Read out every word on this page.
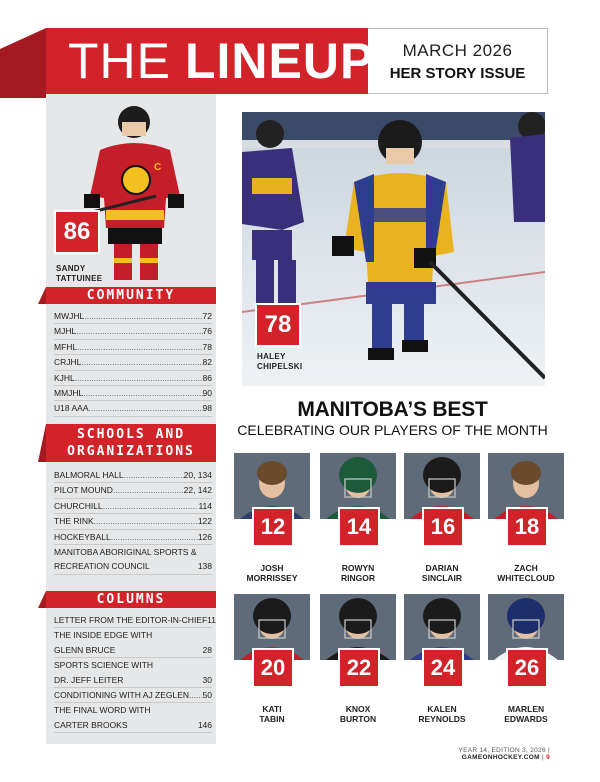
THE LINEUP	MARCH 2026
HER STORY ISSUE
C
86
SANDY
TATTUINEE
COMMUNITY
MWJHL .....	72
MJHL .....	76
MFHL .....	78
CRJHL .....	82
KJHL .....	86
MMJHL .....	90
U18 AAA .....	98
SCHOOLS AND
ORGANIZATIONS
BALMORAL HALL .....	20, 134
PILOT MOUND .....	22, 142
CHURCHILL .....	114
THE RINK .....	122
HOCKEYBALL .....	126
MANITOBA ABORIGINAL SPORTS &
RECREATION COUNCIL	138
COLUMNS
LETTER FROM THE EDITOR-IN-CHIEF 11
THE INSIDE EDGE WITH
GLENN BRUCE	28
SPORTS SCIENCE WITH
DR. JEFF LEITER	30
CONDITIONING WITH AJ ZEGLEN ..... 50
THE FINAL WORD WITH
CARTER BROOKS	146
78
HALEY
CHIPELSKI
MANITOBA’S BEST
CELEBRATING OUR PLAYERS OF THE MONTH
12
JOSH
MORRISSEY
14
ROWYN
RINGOR
16
DARIAN
SINCLAIR
18
ZACH
WHITECLOUD
20
KATI
TABIN
22
KNOX
BURTON
24
KALEN
REYNOLDS
26
MARLEN
EDWARDS
YEAR 14, EDITION 3, 2026 | GAMEONHOCKEY.COM | 9
